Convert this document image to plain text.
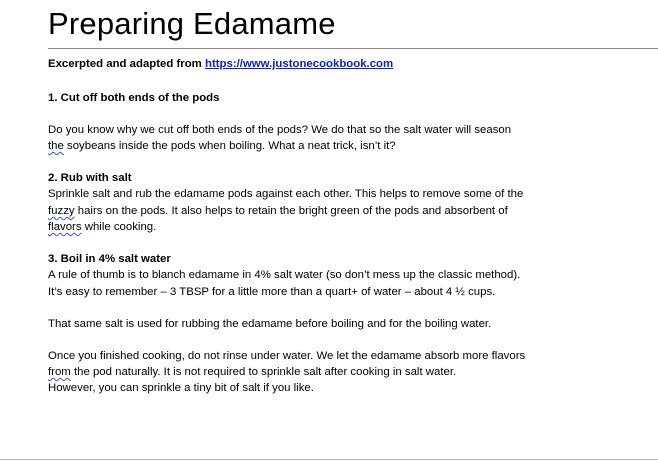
Preparing Edamame
Excerpted and adapted from https://www.justonecookbook.com
1. Cut off both ends of the pods
Do you know why we cut off both ends of the pods? We do that so the salt water will season
the soybeans inside the pods when boiling. What a neat trick, isn’t it?
2. Rub with salt
Sprinkle salt and rub the edamame pods against each other. This helps to remove some of the
fuzzy hairs on the pods. It also helps to retain the bright green of the pods and absorbent of
flavors while cooking.
3. Boil in 4% salt water
A rule of thumb is to blanch edamame in 4% salt water (so don’t mess up the classic method).
It’s easy to remember – 3 TBSP for a little more than a quart+ of water – about 4 ½ cups.
That same salt is used for rubbing the edamame before boiling and for the boiling water.
Once you finished cooking, do not rinse under water. We let the edamame absorb more flavors
from the pod naturally. It is not required to sprinkle salt after cooking in salt water.
However, you can sprinkle a tiny bit of salt if you like.
